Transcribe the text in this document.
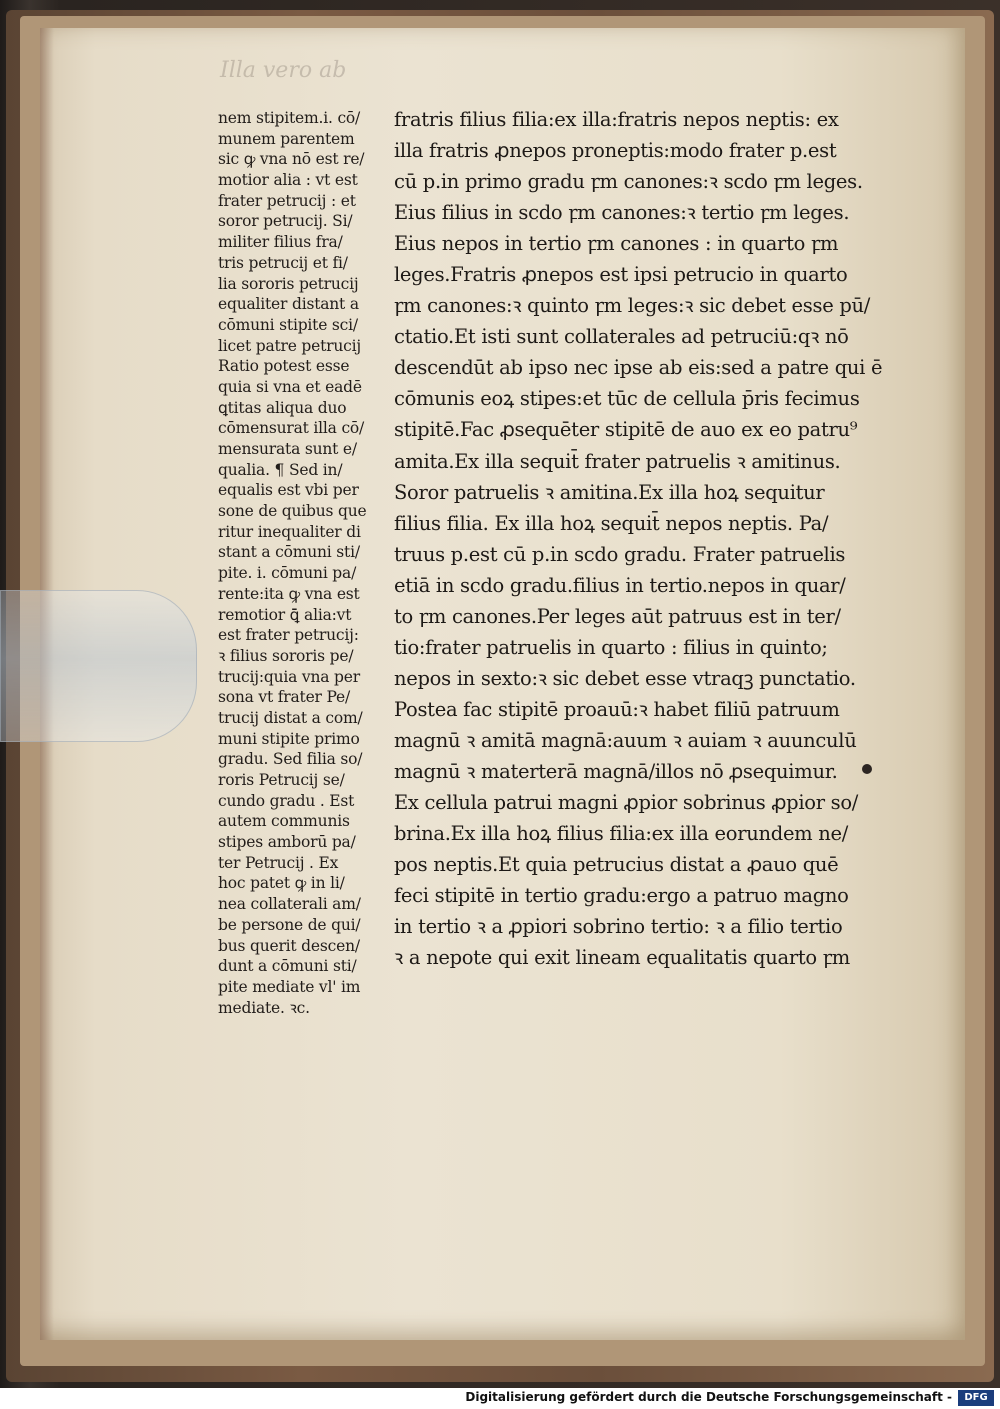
Illa vero ab
nem stipitem.i. cō/
munem parentem
sic ꝙ vna nō est re/
motior alia : vt est
frater petrucij : et
soror petrucij. Si/
militer filius fra/
tris petrucij et fi/
lia sororis petrucij
equaliter distant a
cōmuni stipite sci/
licet patre petrucij
Ratio potest esse
quia si vna et eadē
ꝗtitas aliqua duo
cōmensurat illa cō/
mensurata sunt e/
qualia. ¶ Sed in/
equalis est vbi per
sone de quibus que
ritur inequaliter di
stant a cōmuni sti/
pite. i. cōmuni pa/
rente:ita ꝙ vna est
remotior ꝗ̄ alia:vt
est frater petrucij:
ꝛ filius sororis pe/
trucij:quia vna per
sona vt frater Pe/
trucij distat a com/
muni stipite primo
gradu. Sed filia so/
roris Petrucij se/
cundo gradu . Est
autem communis
stipes amborū pa/
ter Petrucij . Ex
hoc patet ꝙ in li/
nea collaterali am/
be persone de qui/
bus querit descen/
dunt a cōmuni sti/
pite mediate vl' im
mediate. ꝛc.
fratris filius filia:ex illa:fratris nepos neptis: ex
illa fratris ꝓnepos proneptis:modo frater p.est
cū p.in primo gradu ꝼm canones:ꝛ scdo ꝼm leges.
Eius filius in scdo ꝼm canones:ꝛ tertio ꝼm leges.
Eius nepos in tertio ꝼm canones : in quarto ꝼm
leges.Fratris ꝓnepos est ipsi petrucio in quarto
ꝼm canones:ꝛ quinto ꝼm leges:ꝛ sic debet esse pū/
ctatio.Et isti sunt collaterales ad petruciū:qꝛ nō
descendūt ab ipso nec ipse ab eis:sed a patre qui ē
cōmunis eoꝝ stipes:et tūc de cellula p̄ris fecimus
stipitē.Fac ꝓsequēter stipitē de auo ex eo patru⁹
amita.Ex illa sequit̄ frater patruelis ꝛ amitinus.
Soror patruelis ꝛ amitina.Ex illa hoꝝ sequitur
filius filia. Ex illa hoꝝ sequit̄ nepos neptis. Pa/
truus p.est cū p.in scdo gradu. Frater patruelis
etiā in scdo gradu.filius in tertio.nepos in quar/
to ꝼm canones.Per leges aūt patruus est in ter/
tio:frater patruelis in quarto : filius in quinto;
nepos in sexto:ꝛ sic debet esse vtraqꝫ punctatio.
Postea fac stipitē proauū:ꝛ habet filiū patruum
magnū ꝛ amitā magnā:auum ꝛ auiam ꝛ auunculū
magnū ꝛ materterā magnā/illos nō ꝓsequimur.
Ex cellula patrui magni ꝓpior sobrinus ꝓpior so/
brina.Ex illa hoꝝ filius filia:ex illa eorundem ne/
pos neptis.Et quia petrucius distat a ꝓauo quē
feci stipitē in tertio gradu:ergo a patruo magno
in tertio ꝛ a ꝓpiori sobrino tertio: ꝛ a filio tertio
ꝛ a nepote qui exit lineam equalitatis quarto ꝼm
Digitalisierung gefördert durch die Deutsche Forschungsgemeinschaft -	DFG
